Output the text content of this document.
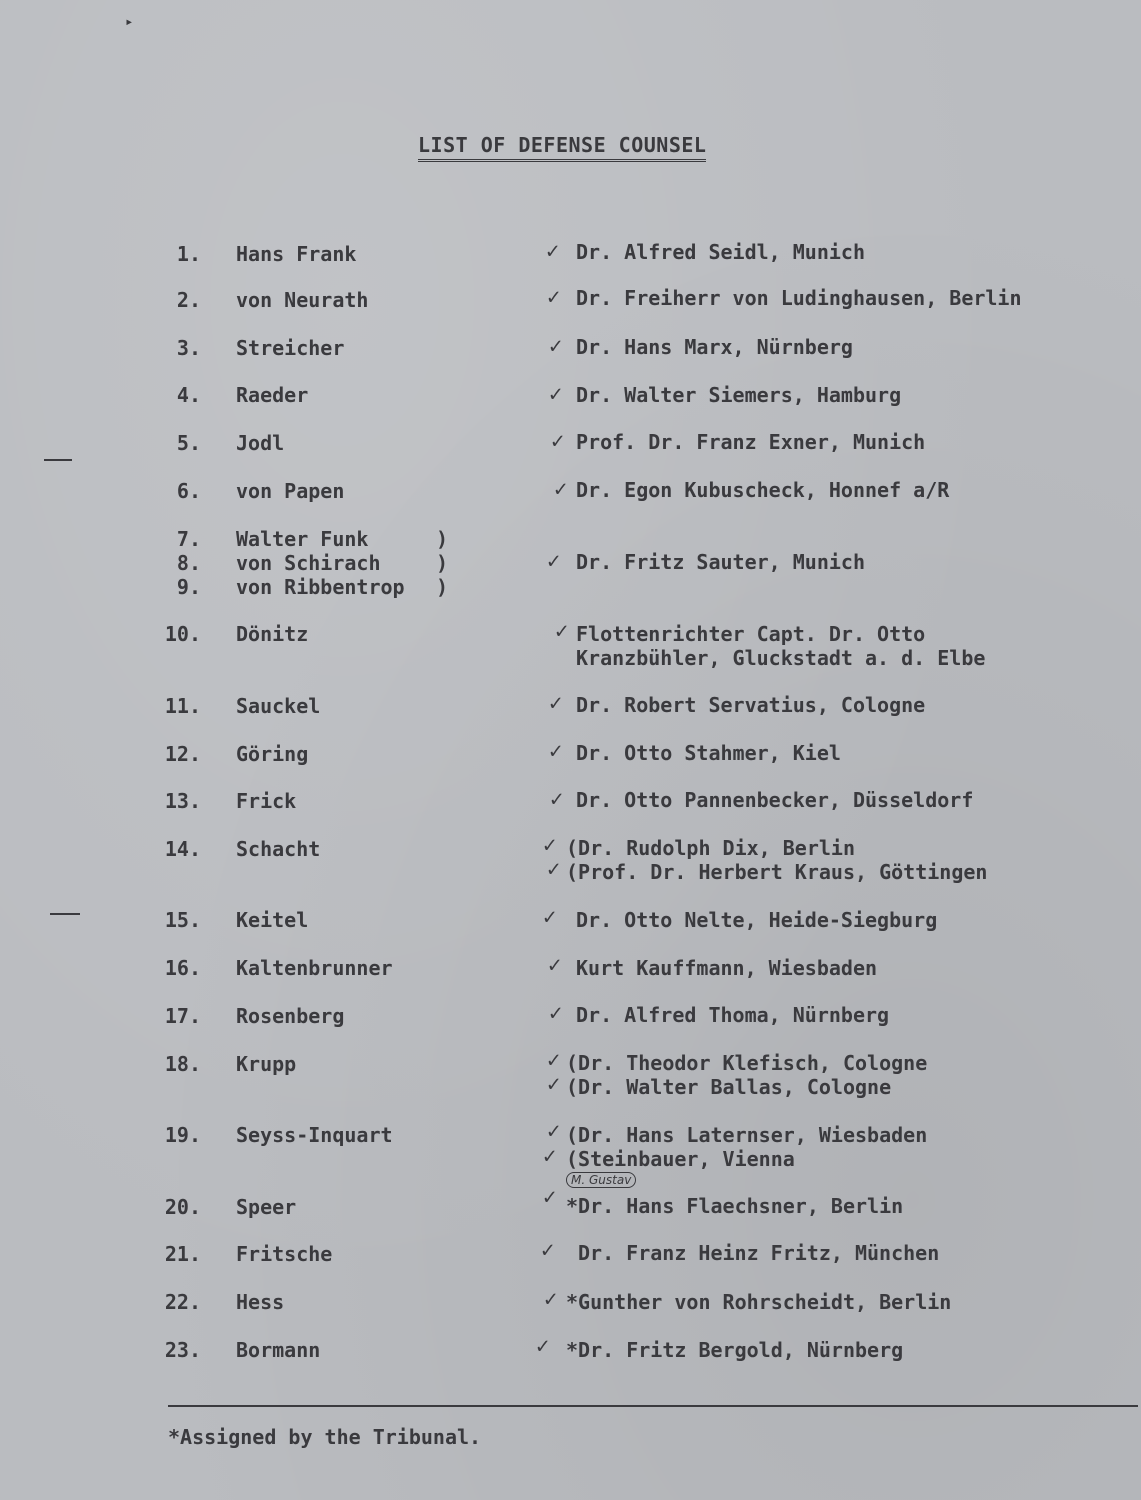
▸
LIST OF DEFENSE COUNSEL
1. Hans Frank	✓ Dr. Alfred Seidl, Munich
2. von Neurath	✓ Dr. Freiherr von Ludinghausen, Berlin
3. Streicher	✓ Dr. Hans Marx, Nürnberg
4. Raeder	✓ Dr. Walter Siemers, Hamburg
5. Jodl	✓ Prof. Dr. Franz Exner, Munich
6. von Papen	✓ Dr. Egon Kubuscheck, Honnef a/R
7. Walter Funk	)
8. von Schirach	)
9. von Ribbentrop )
✓ Dr. Fritz Sauter, Munich
10. Dönitz	✓ Flottenrichter Capt. Dr. Otto
Kranzbühler, Gluckstadt a. d. Elbe
11. Sauckel	✓ Dr. Robert Servatius, Cologne
12. Göring	✓ Dr. Otto Stahmer, Kiel
13. Frick	✓ Dr. Otto Pannenbecker, Düsseldorf
14. Schacht	✓ (Dr. Rudolph Dix, Berlin
✓ (Prof. Dr. Herbert Kraus, Göttingen
15. Keitel	✓ Dr. Otto Nelte, Heide-Siegburg
16. Kaltenbrunner	✓ Kurt Kauffmann, Wiesbaden
17. Rosenberg	✓ Dr. Alfred Thoma, Nürnberg
18. Krupp	✓ (Dr. Theodor Klefisch, Cologne
✓ (Dr. Walter Ballas, Cologne
19. Seyss-Inquart	✓ (Dr. Hans Laternser, Wiesbaden
✓ (Steinbauer, Vienna
M. Gustav
20. Speer	✓ *Dr. Hans Flaechsner, Berlin
21. Fritsche	✓ Dr. Franz Heinz Fritz, München
22. Hess	✓ *Gunther von Rohrscheidt, Berlin
23. Bormann	✓ *Dr. Fritz Bergold, Nürnberg
*Assigned by the Tribunal.
